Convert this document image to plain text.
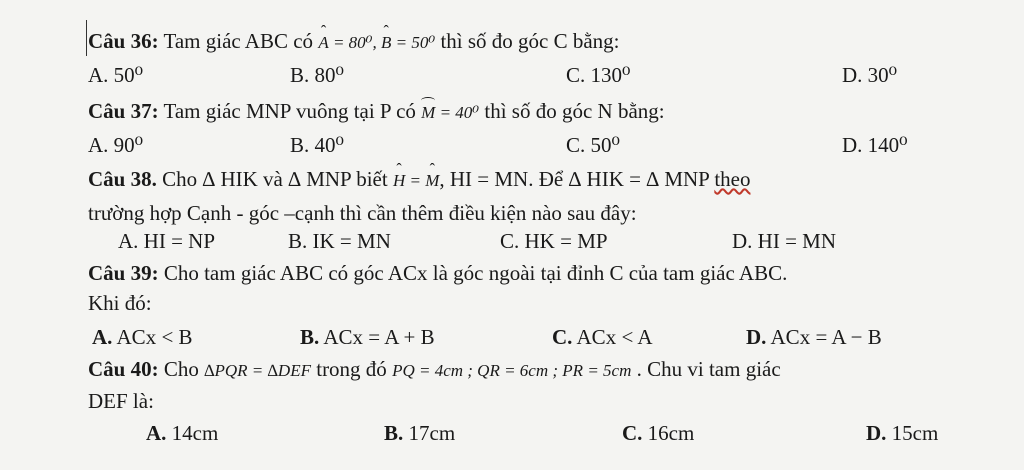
Câu 36: Tam giác ABC có ˆ A = 80⁰, ˆ B = 50⁰ thì số đo góc C bằng:
A. 50⁰	B. 80⁰	C. 130⁰	D. 30⁰
Câu 37: Tam giác MNP vuông tại P có M = 40⁰ thì số đo góc N bằng:
A. 90⁰	B. 40⁰	C. 50⁰	D. 140⁰
Câu 38. Cho ∆ HIK và ∆ MNP biết ˆ H = ˆ M, HI = MN. Để ∆ HIK = ∆ MNP theo
trường hợp Cạnh - góc –cạnh thì cần thêm điều kiện nào sau đây:
A. HI = NP	B. IK = MN	C. HK = MP	D. HI = MN
Câu 39: Cho tam giác ABC có góc ACx là góc ngoài tại đỉnh C của tam giác ABC.
Khi đó:
A. ACx < B	B. ACx = A + B	C. ACx < A	D. ACx = A − B
Câu 40: Cho ∆PQR = ∆DEF trong đó PQ = 4cm ; QR = 6cm ; PR = 5cm . Chu vi tam giác
DEF là:
A. 14cm	B. 17cm	C. 16cm	D. 15cm
